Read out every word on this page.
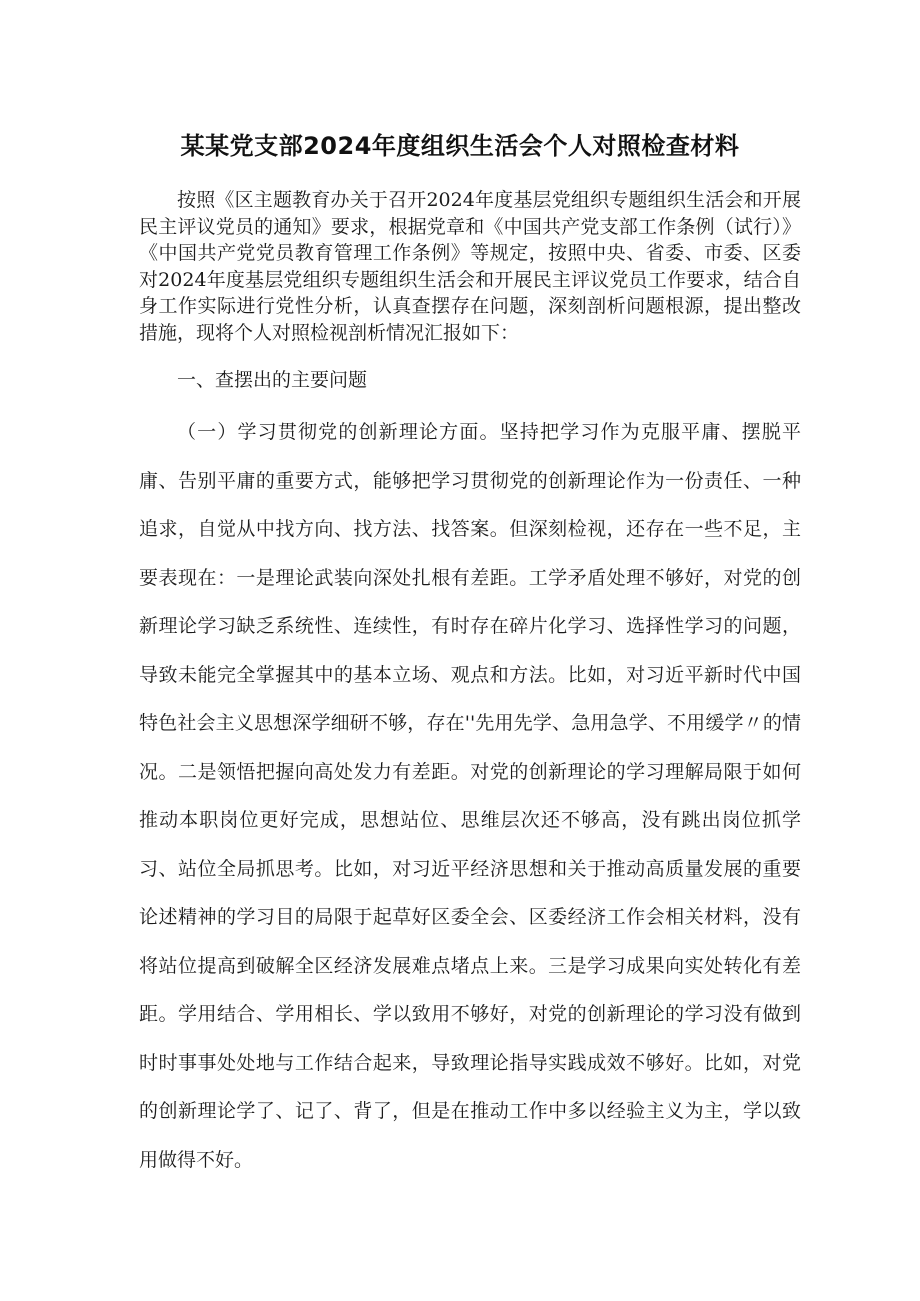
某某党支部2024年度组织生活会个人对照检查材料

按照《区主题教育办关于召开2024年度基层党组织专题组织生活会和开展民主评议党员的通知》要求，根据党章和《中国共产党支部工作条例（试行）》《中国共产党党员教育管理工作条例》等规定，按照中央、省委、市委、区委对2024年度基层党组织专题组织生活会和开展民主评议党员工作要求，结合自身工作实际进行党性分析，认真查摆存在问题，深刻剖析问题根源，提出整改措施，现将个人对照检视剖析情况汇报如下：

一、查摆出的主要问题

（一）学习贯彻党的创新理论方面。坚持把学习作为克服平庸、摆脱平庸、告别平庸的重要方式，能够把学习贯彻党的创新理论作为一份责任、一种追求，自觉从中找方向、找方法、找答案。但深刻检视，还存在一些不足，主要表现在：一是理论武装向深处扎根有差距。工学矛盾处理不够好，对党的创新理论学习缺乏系统性、连续性，有时存在碎片化学习、选择性学习的问题，导致未能完全掌握其中的基本立场、观点和方法。比如，对习近平新时代中国特色社会主义思想深学细研不够，存在''先用先学、急用急学、不用缓学〃的情况。二是领悟把握向高处发力有差距。对党的创新理论的学习理解局限于如何推动本职岗位更好完成，思想站位、思维层次还不够高，没有跳出岗位抓学习、站位全局抓思考。比如，对习近平经济思想和关于推动高质量发展的重要论述精神的学习目的局限于起草好区委全会、区委经济工作会相关材料，没有将站位提高到破解全区经济发展难点堵点上来。三是学习成果向实处转化有差距。学用结合、学用相长、学以致用不够好，对党的创新理论的学习没有做到时时事事处处地与工作结合起来，导致理论指导实践成效不够好。比如，对党的创新理论学了、记了、背了，但是在推动工作中多以经验主义为主，学以致用做得不好。
